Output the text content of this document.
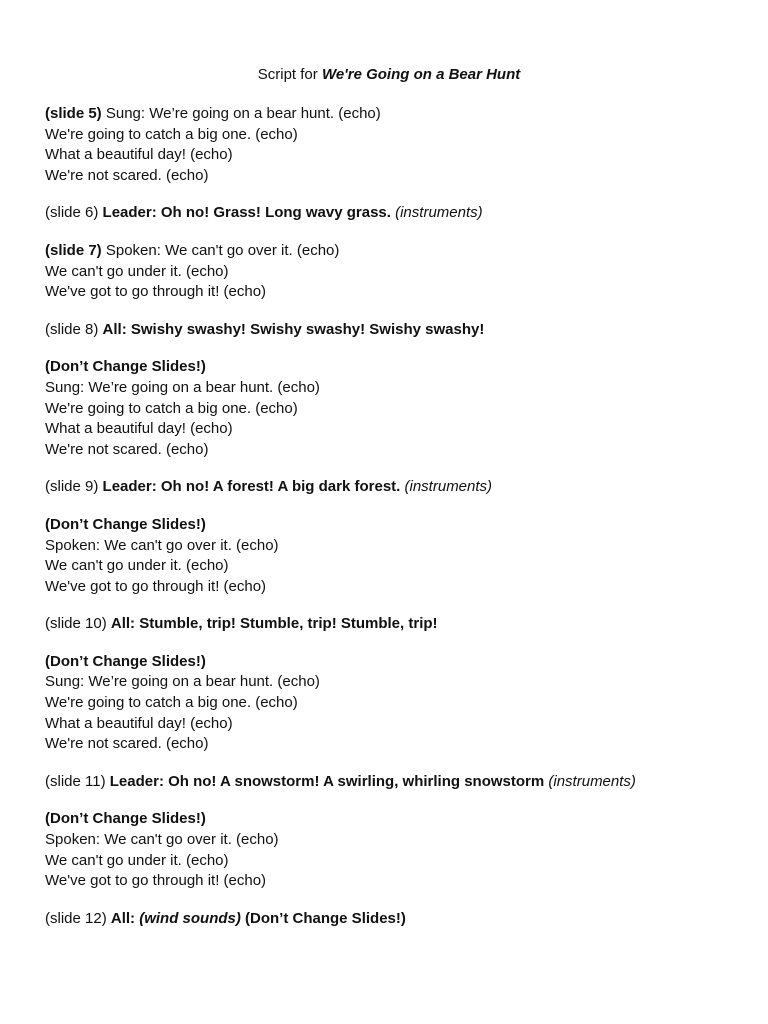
Script for We're Going on a Bear Hunt
(slide 5) Sung: We’re going on a bear hunt. (echo)
We're going to catch a big one. (echo)
What a beautiful day! (echo)
We're not scared. (echo)
(slide 6) Leader: Oh no! Grass! Long wavy grass. (instruments)
(slide 7) Spoken: We can't go over it. (echo)
We can't go under it. (echo)
We've got to go through it! (echo)
(slide 8) All: Swishy swashy! Swishy swashy! Swishy swashy!
(Don’t Change Slides!)
Sung: We’re going on a bear hunt. (echo)
We're going to catch a big one. (echo)
What a beautiful day! (echo)
We're not scared. (echo)
(slide 9) Leader: Oh no! A forest! A big dark forest. (instruments)
(Don’t Change Slides!)
Spoken: We can't go over it. (echo)
We can't go under it. (echo)
We've got to go through it! (echo)
(slide 10) All: Stumble, trip! Stumble, trip! Stumble, trip!
(Don’t Change Slides!)
Sung: We’re going on a bear hunt. (echo)
We're going to catch a big one. (echo)
What a beautiful day! (echo)
We're not scared. (echo)
(slide 11) Leader: Oh no! A snowstorm! A swirling, whirling snowstorm (instruments)
(Don’t Change Slides!)
Spoken: We can't go over it. (echo)
We can't go under it. (echo)
We've got to go through it! (echo)
(slide 12) All: (wind sounds) (Don’t Change Slides!)
